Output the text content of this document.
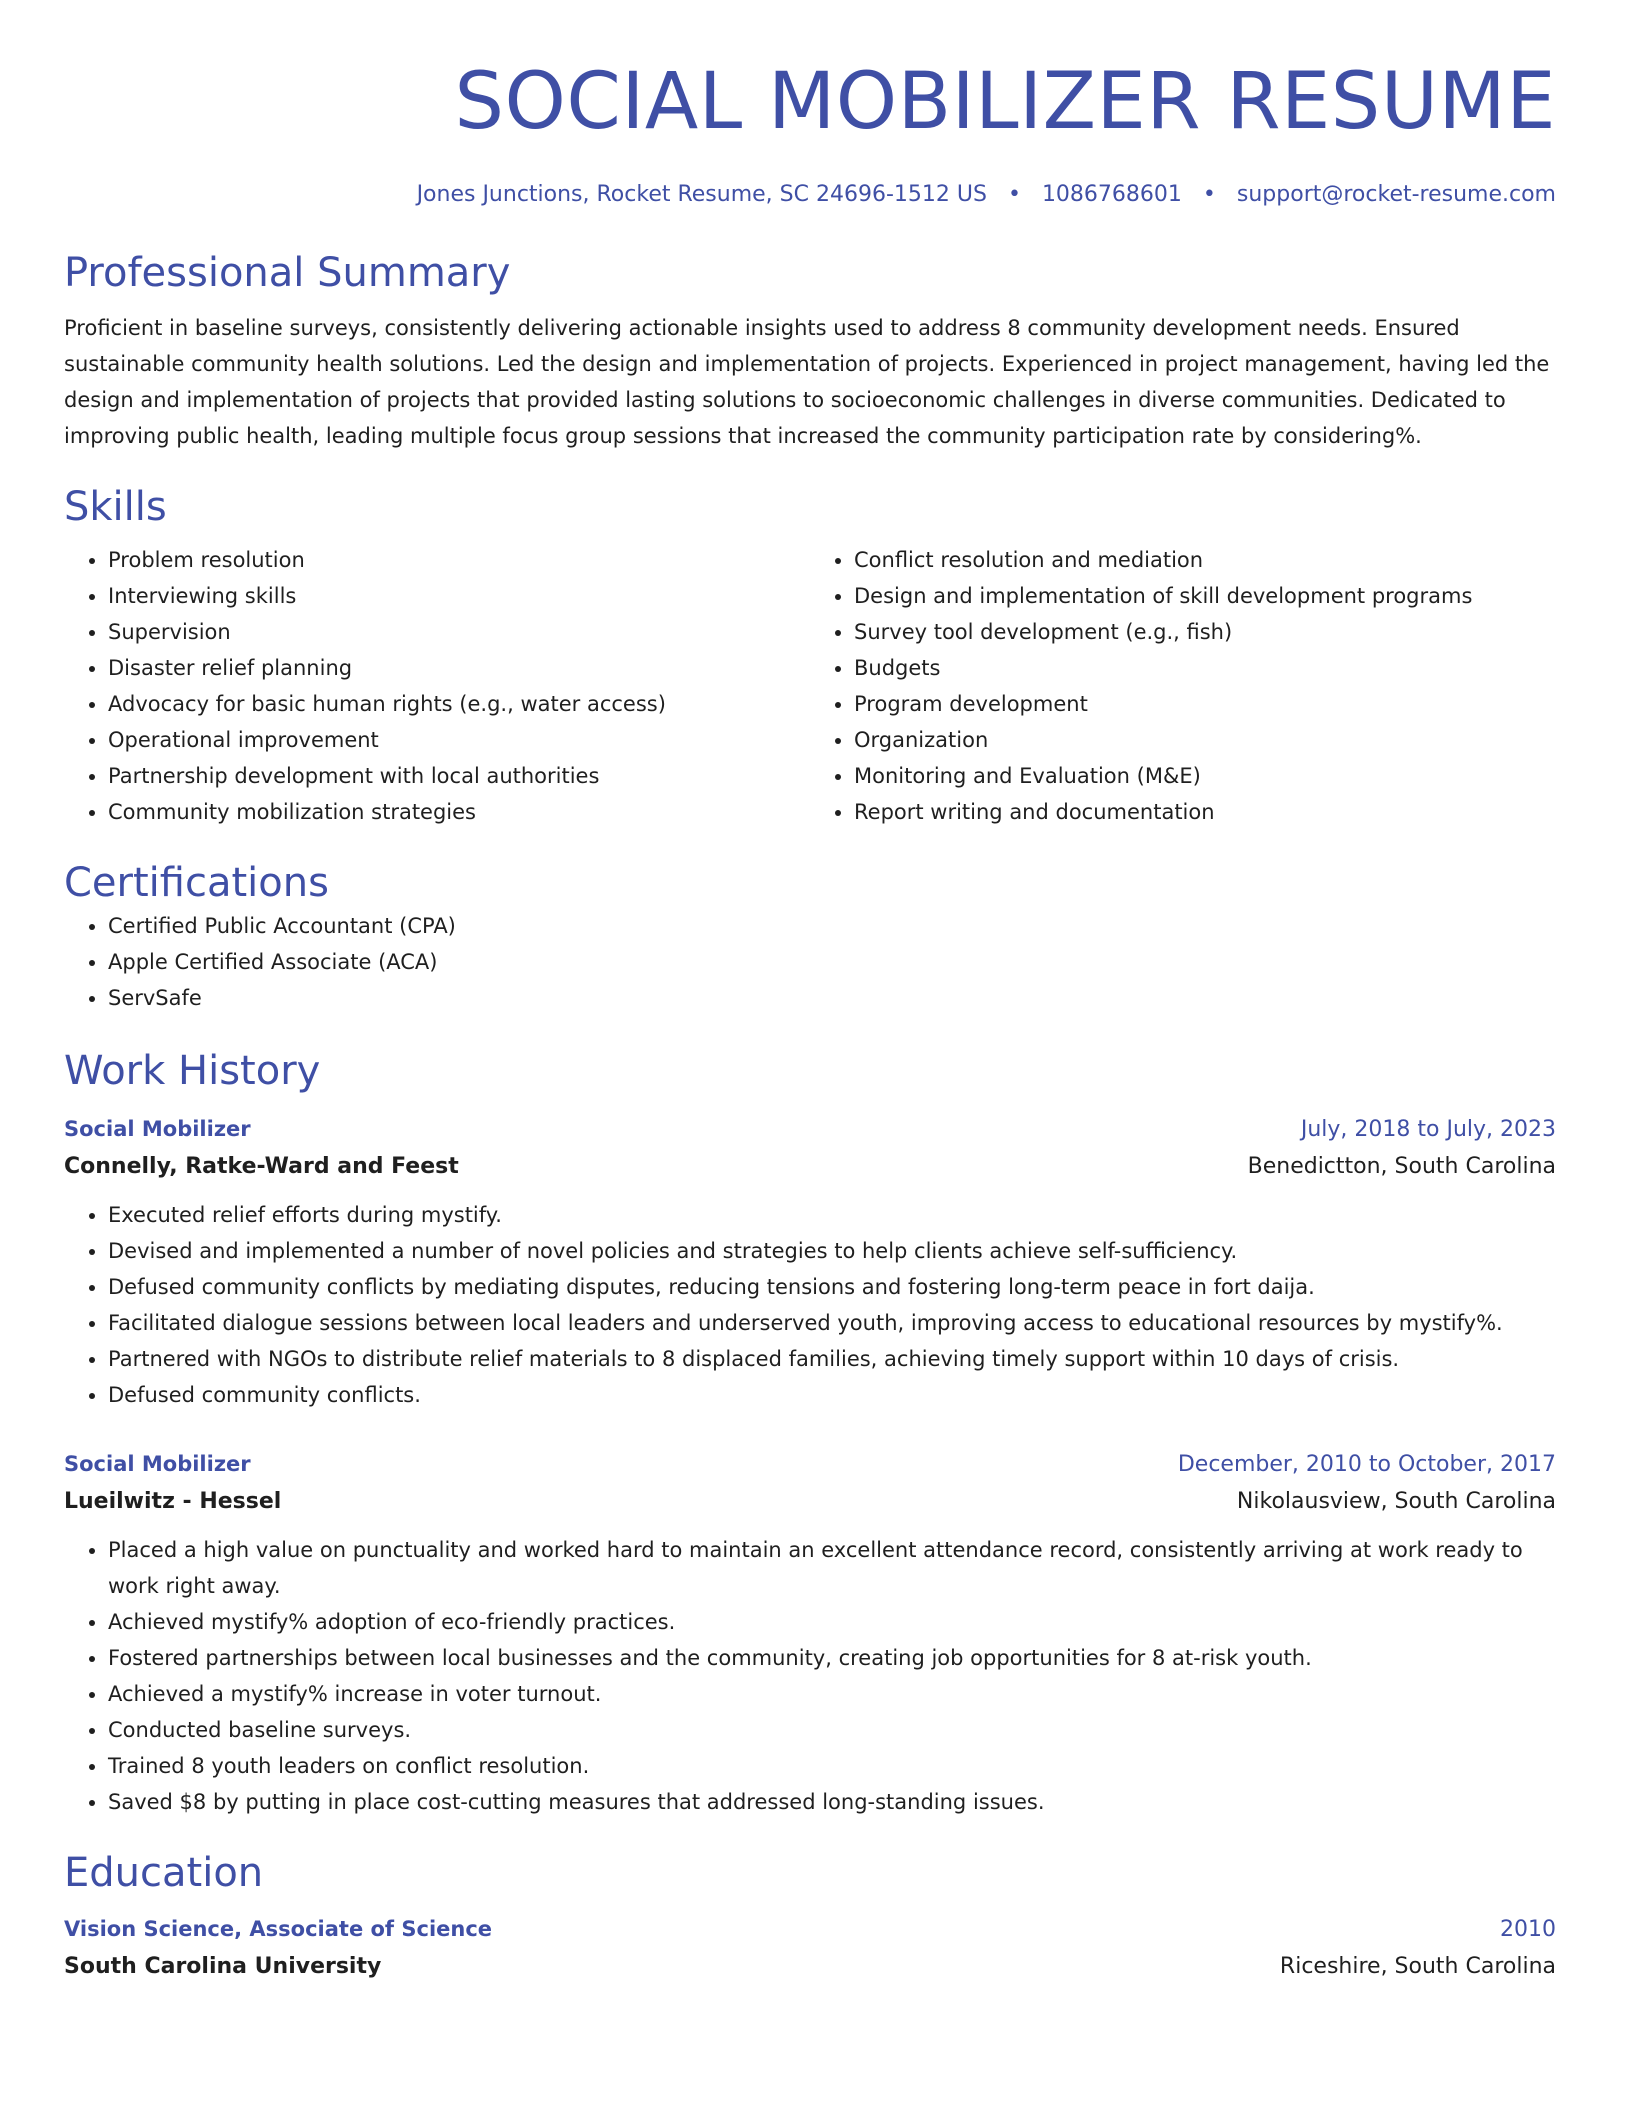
SOCIAL MOBILIZER RESUME
Jones Junctions, Rocket Resume, SC 24696-1512 US • 1086768601 • support@rocket-resume.com
Professional Summary
Proficient in baseline surveys, consistently delivering actionable insights used to address 8 community development needs. Ensured sustainable community health solutions. Led the design and implementation of projects. Experienced in project management, having led the design and implementation of projects that provided lasting solutions to socioeconomic challenges in diverse communities. Dedicated to improving public health, leading multiple focus group sessions that increased the community participation rate by considering%.
Skills
• Problem resolution
• Interviewing skills
• Supervision
• Disaster relief planning
• Advocacy for basic human rights (e.g., water access)
• Operational improvement
• Partnership development with local authorities
• Community mobilization strategies
• Conflict resolution and mediation
• Design and implementation of skill development programs
• Survey tool development (e.g., fish)
• Budgets
• Program development
• Organization
• Monitoring and Evaluation (M&E)
• Report writing and documentation
Certifications
• Certified Public Accountant (CPA)
• Apple Certified Associate (ACA)
• ServSafe
Work History
Social Mobilizer	July, 2018 to July, 2023
Connelly, Ratke-Ward and Feest	Benedictton, South Carolina
• Executed relief efforts during mystify.
• Devised and implemented a number of novel policies and strategies to help clients achieve self-sufficiency.
• Defused community conflicts by mediating disputes, reducing tensions and fostering long-term peace in fort daija.
• Facilitated dialogue sessions between local leaders and underserved youth, improving access to educational resources by mystify%.
• Partnered with NGOs to distribute relief materials to 8 displaced families, achieving timely support within 10 days of crisis.
• Defused community conflicts.
Social Mobilizer	December, 2010 to October, 2017
Lueilwitz - Hessel	Nikolausview, South Carolina
• Placed a high value on punctuality and worked hard to maintain an excellent attendance record, consistently arriving at work ready to work right away.
• Achieved mystify% adoption of eco-friendly practices.
• Fostered partnerships between local businesses and the community, creating job opportunities for 8 at-risk youth.
• Achieved a mystify% increase in voter turnout.
• Conducted baseline surveys.
• Trained 8 youth leaders on conflict resolution.
• Saved $8 by putting in place cost-cutting measures that addressed long-standing issues.
Education
Vision Science, Associate of Science	2010
South Carolina University	Riceshire, South Carolina
